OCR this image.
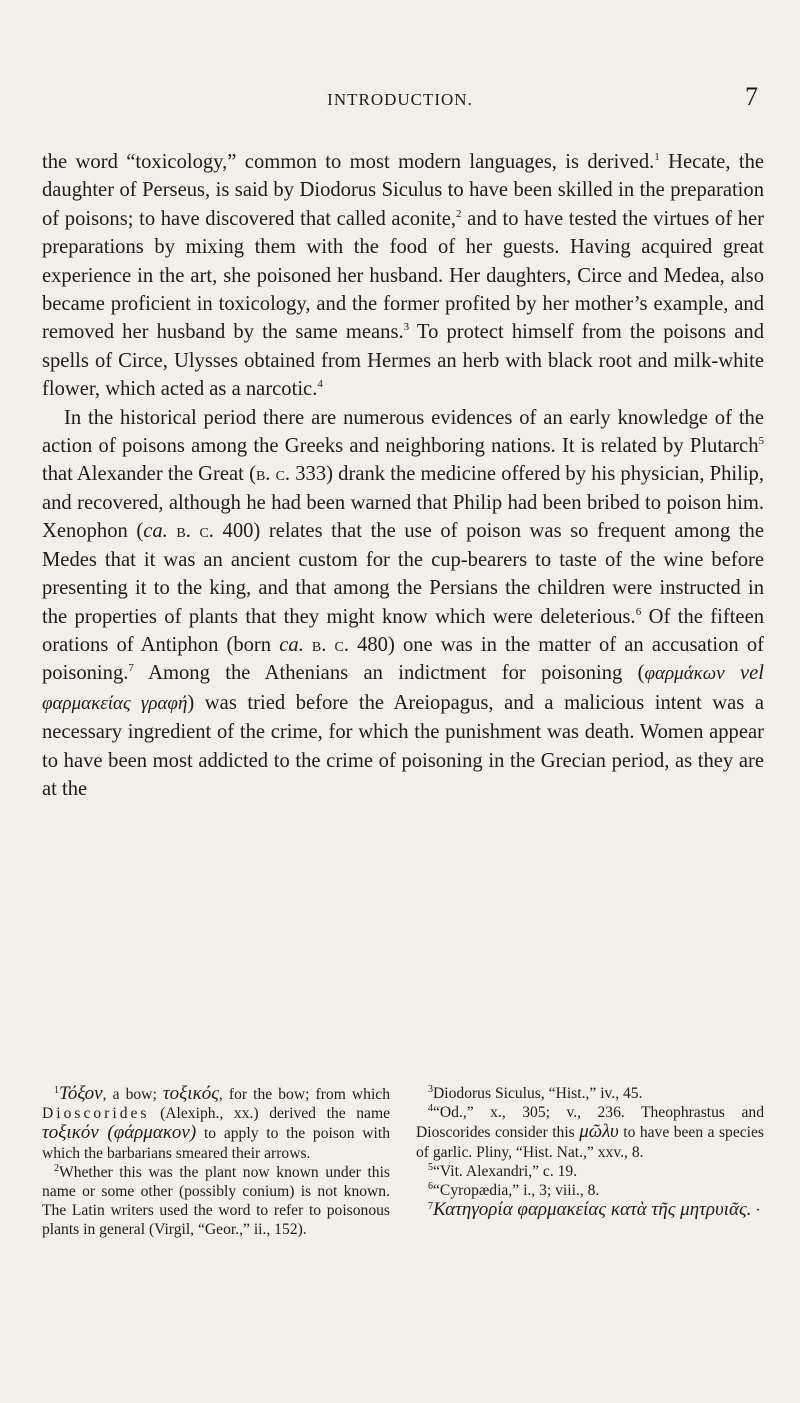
INTRODUCTION.	7

the word “toxicology,” common to most modern languages, is derived.$^1$ Hecate, the daughter of Perseus, is said by Diodorus Siculus to have been skilled in the preparation of poisons; to have discovered that called aconite,$^2$ and to have tested the virtues of her preparations by mixing them with the food of her guests. Having acquired great experience in the art, she poisoned her husband. Her daughters, Circe and Medea, also became proficient in toxicology, and the former profited by her mother’s example, and removed her husband by the same means.$^3$ To protect himself from the poisons and spells of Circe, Ulysses obtained from Hermes an herb with black root and milk-white flower, which acted as a narcotic.$^4$

In the historical period there are numerous evidences of an early knowledge of the action of poisons among the Greeks and neighboring nations. It is related by Plutarch$^5$ that Alexander the Great (b. c. 333) drank the medicine offered by his physician, Philip, and recovered, although he had been warned that Philip had been bribed to poison him. Xenophon (ca. b. c. 400) relates that the use of poison was so frequent among the Medes that it was an ancient custom for the cup-bearers to taste of the wine before presenting it to the king, and that among the Persians the children were instructed in the properties of plants that they might know which were deleterious.$^6$ Of the fifteen orations of Antiphon (born ca. b. c. 480) one was in the matter of an accusation of poisoning.$^7$ Among the Athenians an indictment for poisoning (φαρμάκων vel φαρμακείας γραφή) was tried before the Areiopagus, and a malicious intent was a necessary ingredient of the crime, for which the punishment was death. Women appear to have been most addicted to the crime of poisoning in the Grecian period, as they are at the

$^1$Τόξον, a bow; τοξικός, for the bow; from which Dioscorides (Alexiph., xx.) derived the name τοξικόν (φάρμακον) to apply to the poison with which the barbarians smeared their arrows.

$^2$Whether this was the plant now known under this name or some other (possibly conium) is not known. The Latin writers used the word to refer to poisonous plants in general (Virgil, “Geor.,” ii., 152).

$^3$Diodorus Siculus, “Hist.,” iv., 45.

$^4$“Od.,” x., 305; v., 236. Theophrastus and Dioscorides consider this μῶλυ to have been a species of garlic. Pliny, “Hist. Nat.,” xxv., 8.

$^5$“Vit. Alexandri,” c. 19.

$^6$“Cyropædia,” i., 3; viii., 8.

$^7$Κατηγορία φαρμακείας κατὰ τῆς μητρυιᾶς. ·
